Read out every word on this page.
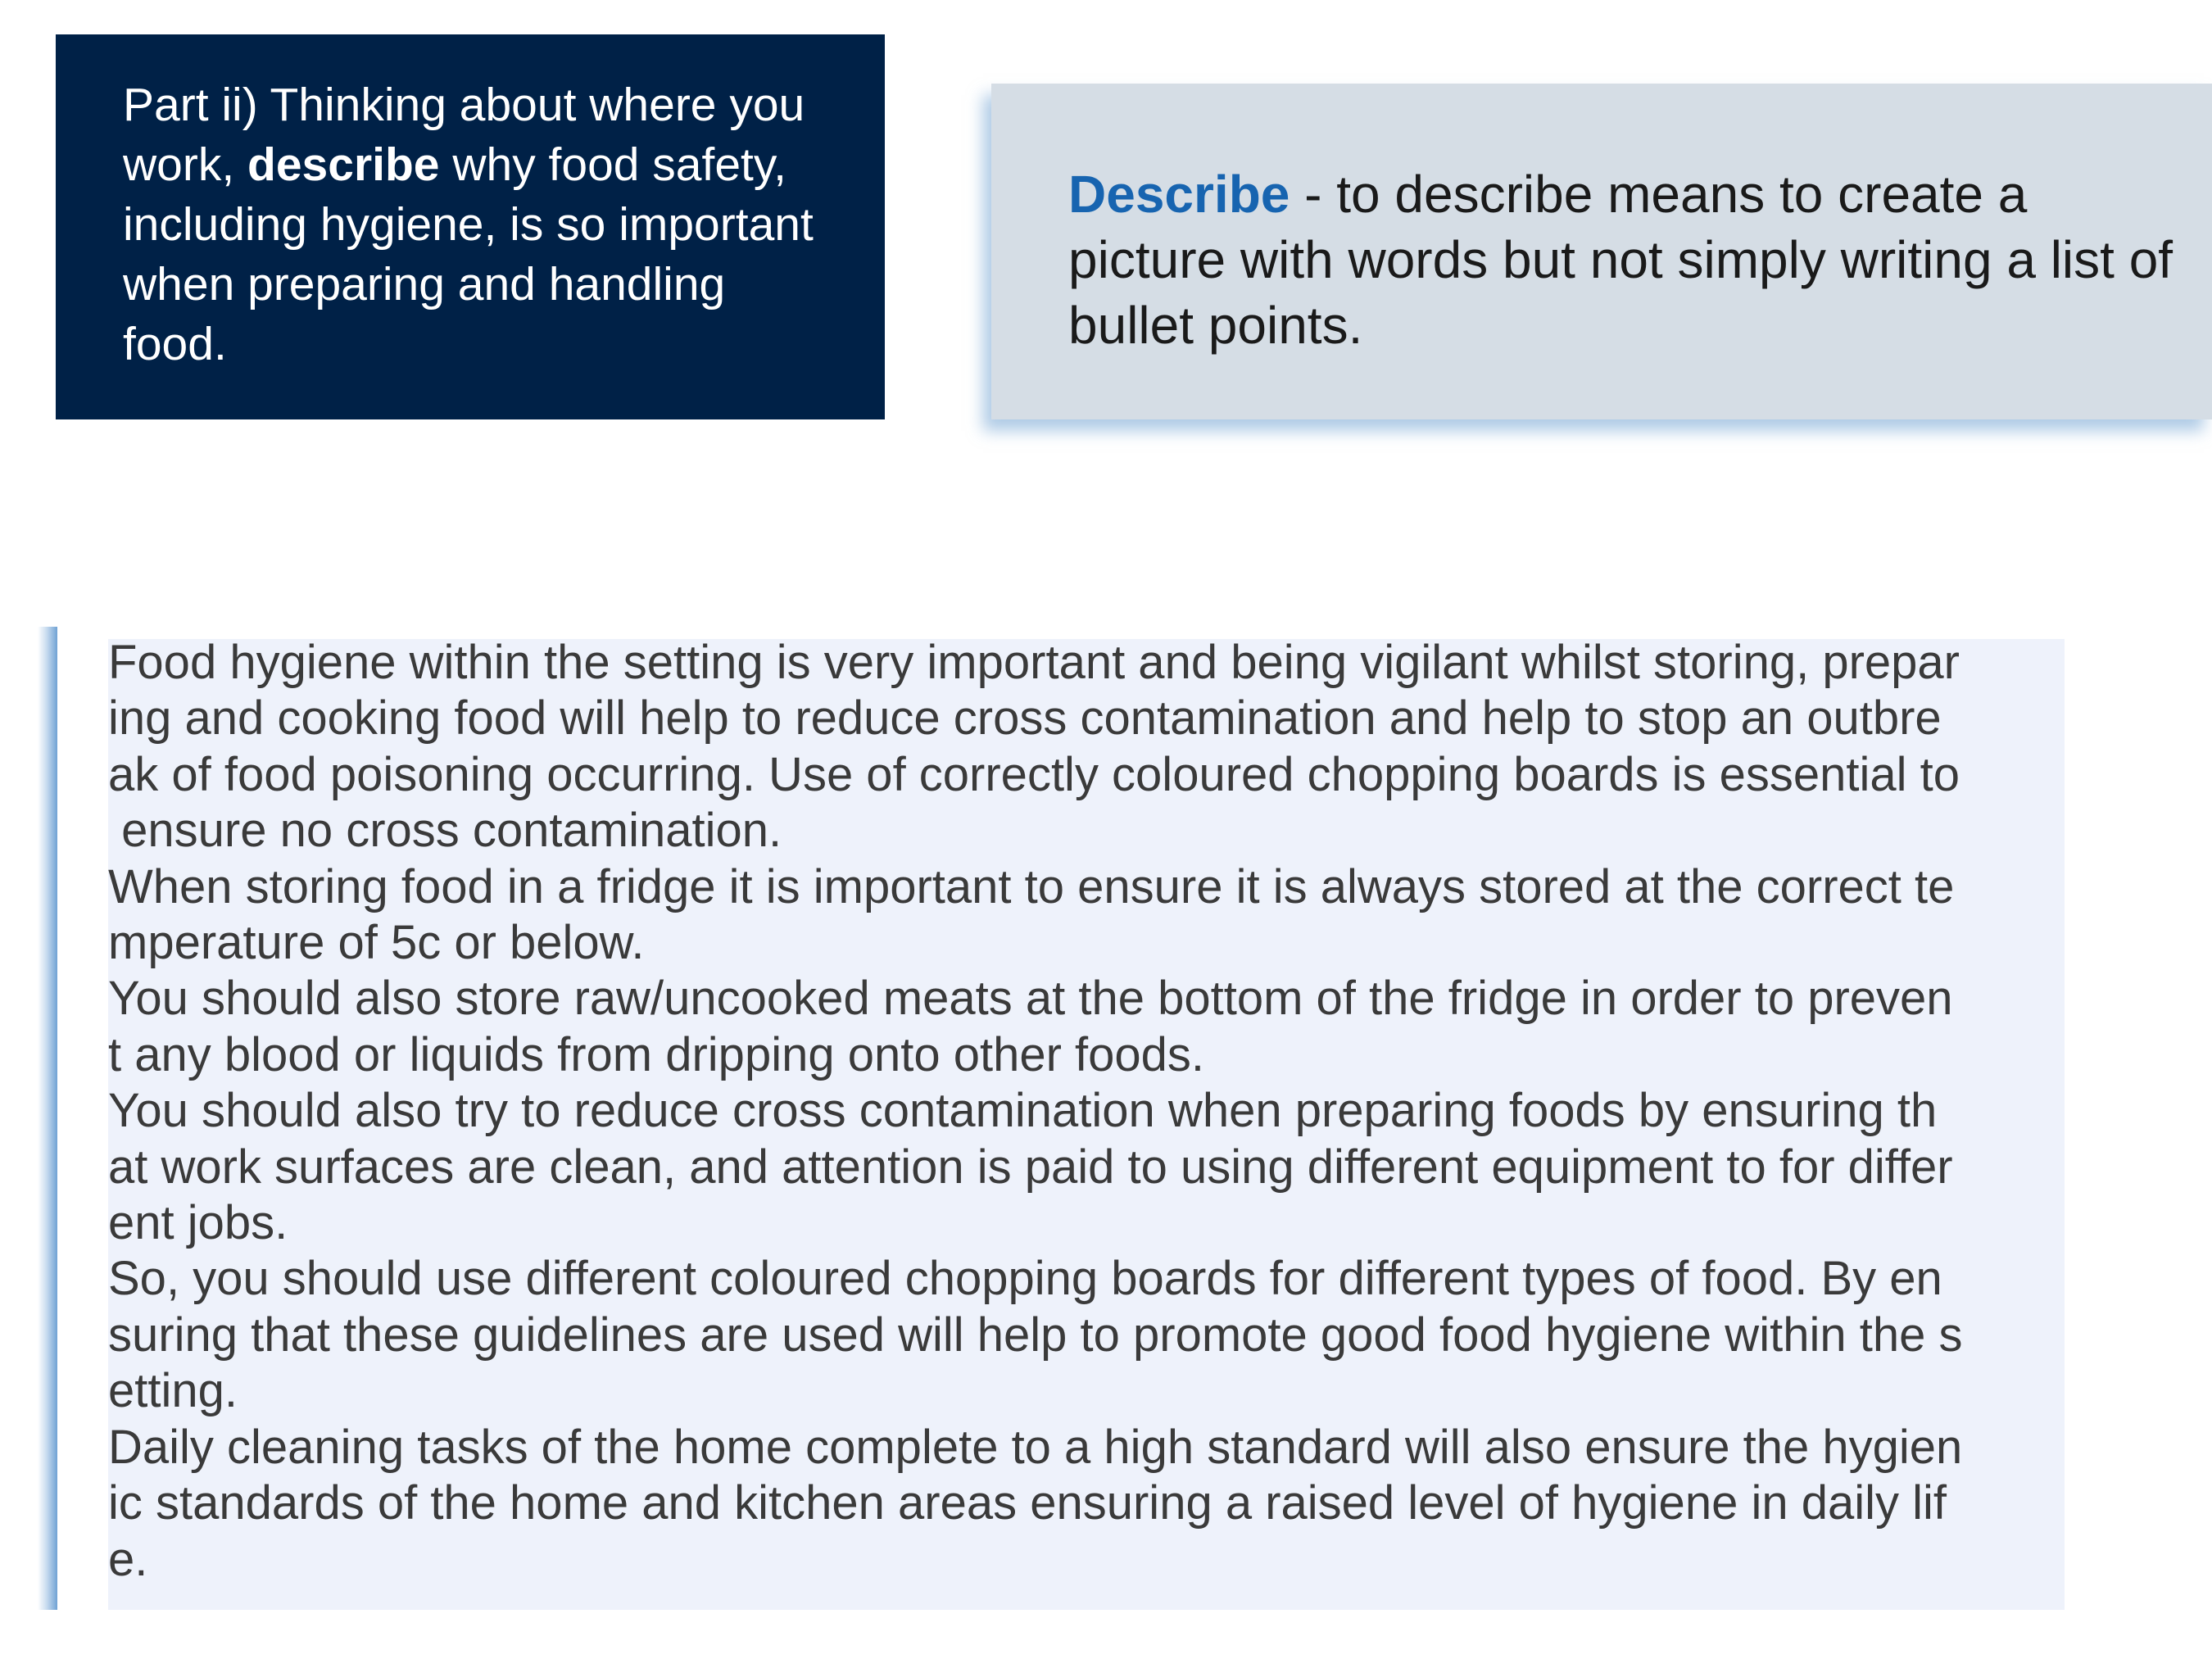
Part ii) Thinking about where you work, describe why food safety, including hygiene, is so important when preparing and handling food.

Describe - to describe means to create a picture with words but not simply writing a list of bullet points.

Food hygiene within the setting is very important and being vigilant whilst storing, prepar
ing and cooking food will help to reduce cross contamination and help to stop an outbre
ak of food poisoning occurring. Use of correctly coloured chopping boards is essential to
ensure no cross contamination.
When storing food in a fridge it is important to ensure it is always stored at the correct te
mperature of 5c or below.
You should also store raw/uncooked meats at the bottom of the fridge in order to preven
t any blood or liquids from dripping onto other foods.
You should also try to reduce cross contamination when preparing foods by ensuring th
at work surfaces are clean, and attention is paid to using different equipment to for differ
ent jobs.
So, you should use different coloured chopping boards for different types of food. By en
suring that these guidelines are used will help to promote good food hygiene within the s
etting.
Daily cleaning tasks of the home complete to a high standard will also ensure the hygien
ic standards of the home and kitchen areas ensuring a raised level of hygiene in daily lif
e.
